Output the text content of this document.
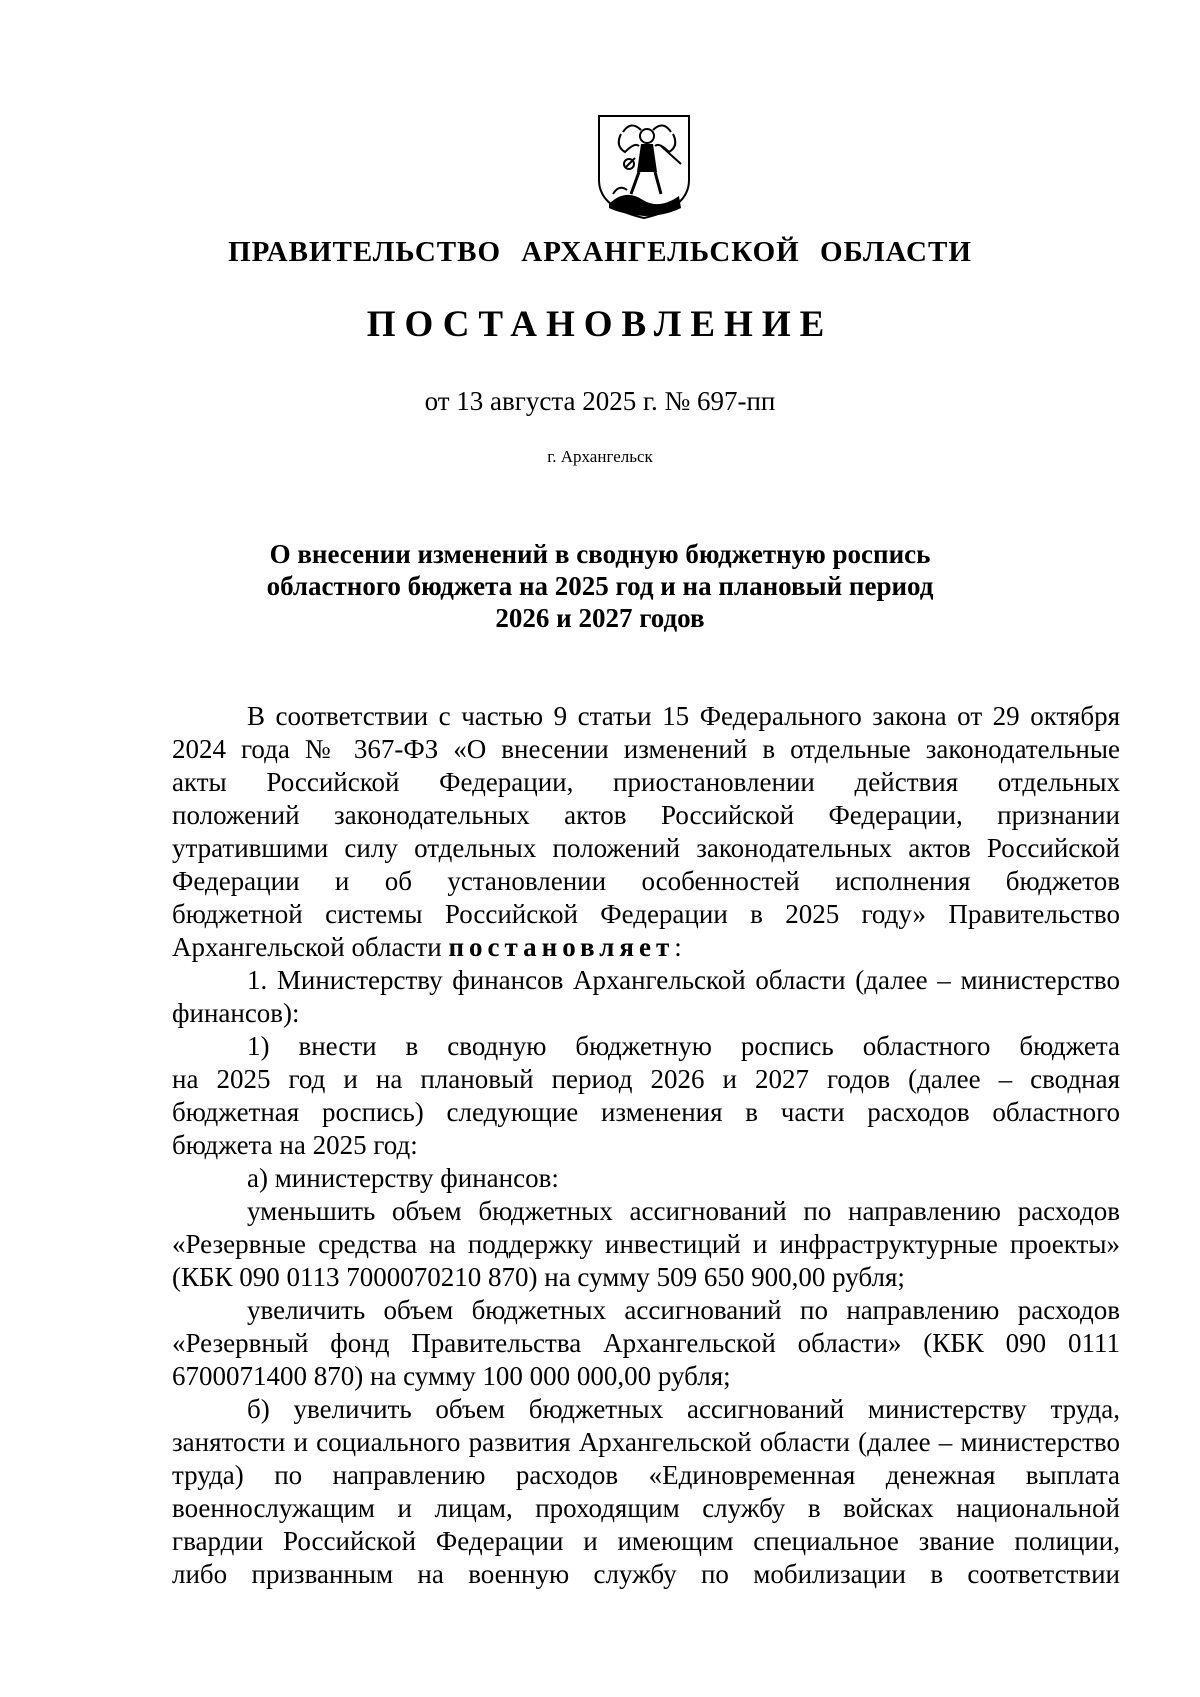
ПРАВИТЕЛЬСТВО АРХАНГЕЛЬСКОЙ ОБЛАСТИ
ПОСТАНОВЛЕНИЕ
от 13 августа 2025 г. № 697-пп
г. Архангельск
О внесении изменений в сводную бюджетную роспись
областного бюджета на 2025 год и на плановый период
2026 и 2027 годов
В соответствии с частью 9 статьи 15 Федерального закона от 29 октября
2024 года № 367-ФЗ «О внесении изменений в отдельные законодательные
акты Российской Федерации, приостановлении действия отдельных
положений законодательных актов Российской Федерации, признании
утратившими силу отдельных положений законодательных актов Российской
Федерации и об установлении особенностей исполнения бюджетов
бюджетной системы Российской Федерации в 2025 году» Правительство
Архангельской области постановляет:
1. Министерству финансов Архангельской области (далее – министерство
финансов):
1) внести в сводную бюджетную роспись областного бюджета
на 2025 год и на плановый период 2026 и 2027 годов (далее – сводная
бюджетная роспись) следующие изменения в части расходов областного
бюджета на 2025 год:
а) министерству финансов:
уменьшить объем бюджетных ассигнований по направлению расходов
«Резервные средства на поддержку инвестиций и инфраструктурные проекты»
(КБК 090 0113 7000070210 870) на сумму 509 650 900,00 рубля;
увеличить объем бюджетных ассигнований по направлению расходов
«Резервный фонд Правительства Архангельской области» (КБК 090 0111
6700071400 870) на сумму 100 000 000,00 рубля;
б) увеличить объем бюджетных ассигнований министерству труда,
занятости и социального развития Архангельской области (далее – министерство
труда) по направлению расходов «Единовременная денежная выплата
военнослужащим и лицам, проходящим службу в войсках национальной
гвардии Российской Федерации и имеющим специальное звание полиции,
либо призванным на военную службу по мобилизации в соответствии
